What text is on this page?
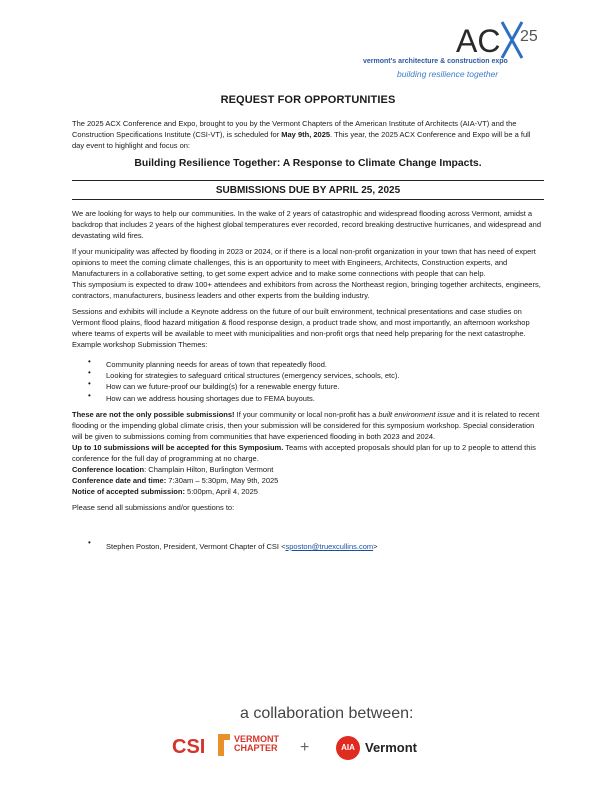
AC 25
vermont's architecture & construction expo
building resilience together
REQUEST FOR OPPORTUNITIES

The 2025 ACX Conference and Expo, brought to you by the Vermont Chapters of the American Institute of Architects (AIA-VT) and the Construction Specifications Institute (CSI-VT), is scheduled for May 9th, 2025. This year, the 2025 ACX Conference and Expo will be a full day event to highlight and focus on:

Building Resilience Together: A Response to Climate Change Impacts.
SUBMISSIONS DUE BY APRIL 25, 2025

We are looking for ways to help our communities. In the wake of 2 years of catastrophic and widespread flooding across Vermont, amidst a backdrop that includes 2 years of the highest global temperatures ever recorded, record breaking destructive hurricanes, and widespread and devastating wild fires.

If your municipality was affected by flooding in 2023 or 2024, or if there is a local non-profit organization in your town that has need of expert opinions to meet the coming climate challenges, this is an opportunity to meet with Engineers, Architects, Construction experts, and Manufacturers in a collaborative setting, to get some expert advice and to make some connections with people that can help.

This symposium is expected to draw 100+ attendees and exhibitors from across the Northeast region, bringing together architects, engineers, contractors, manufacturers, business leaders and other experts from the building industry.

Sessions and exhibits will include a Keynote address on the future of our built environment, technical presentations and case studies on Vermont flood plains, flood hazard mitigation & flood response design, a product trade show, and most importantly, an afternoon workshop where teams of experts will be available to meet with municipalities and non-profit orgs that need help preparing for the next catastrophe.

Example workshop Submission Themes:

• Community planning needs for areas of town that repeatedly flood.
• Looking for strategies to safeguard critical structures (emergency services, schools, etc).
• How can we future-proof our building(s) for a renewable energy future.
• How can we address housing shortages due to FEMA buyouts.

These are not the only possible submissions! If your community or local non-profit has a built environment issue and it is related to recent flooding or the impending global climate crisis, then your submission will be considered for this symposium workshop. Special consideration will be given to submissions coming from communities that have experienced flooding in both 2023 and 2024.

Up to 10 submissions will be accepted for this Symposium. Teams with accepted proposals should plan for up to 2 people to attend this conference for the full day of programming at no charge.

Conference location: Champlain Hilton, Burlington Vermont

Conference date and time: 7:30am – 5:30pm, May 9th, 2025

Notice of accepted submission: 5:00pm, April 4, 2025

Please send all submissions and/or questions to:

• Stephen Poston, President, Vermont Chapter of CSI <sposton@truexcullins.com>
a collaboration between:
CSI	VERMONT
CHAPTER +	AIA Vermont
